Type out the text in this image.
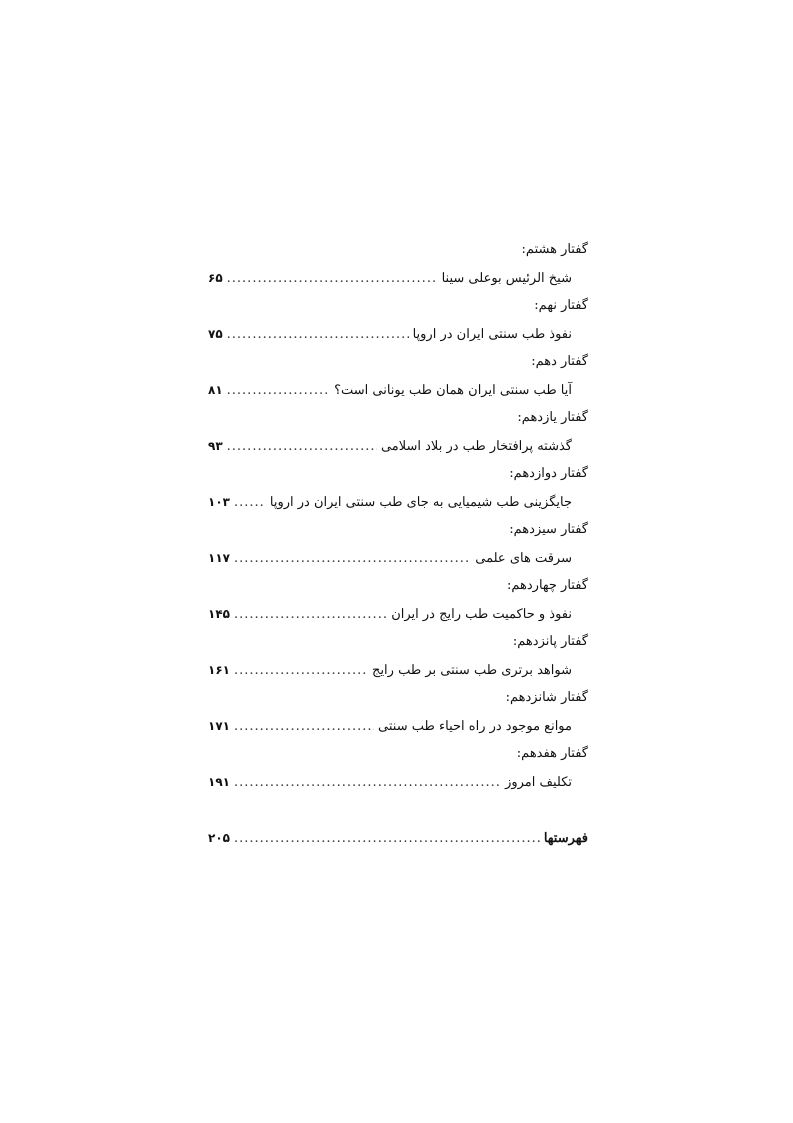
گفتار هشتم:
شیخ الرئیس بوعلی سینا
.....
۶۵
گفتار نهم:
نفوذ طب سنتی ایران در اروپا
.....
۷۵
گفتار دهم:
آیا طب سنتی ایران همان طب یونانی است؟
.....
۸۱
گفتار یازدهم:
گذشته پرافتخار طب در بلاد اسلامی
.....
۹۳
گفتار دوازدهم:
جایگزینی طب شیمیایی به جای طب سنتی ایران در اروپا
.....
۱۰۳
گفتار سیزدهم:
سرقت های علمی
.....
۱۱۷
گفتار چهاردهم:
نفوذ و حاکمیت طب رایج در ایران
.....
۱۴۵
گفتار پانزدهم:
شواهد برتری طب سنتی بر طب رایج
.....
۱۶۱
گفتار شانزدهم:
موانع موجود در راه احیاء طب سنتی
.....
۱۷۱
گفتار هفدهم:
تکلیف امروز
.....
۱۹۱
فهرستها
.....
۲۰۵
